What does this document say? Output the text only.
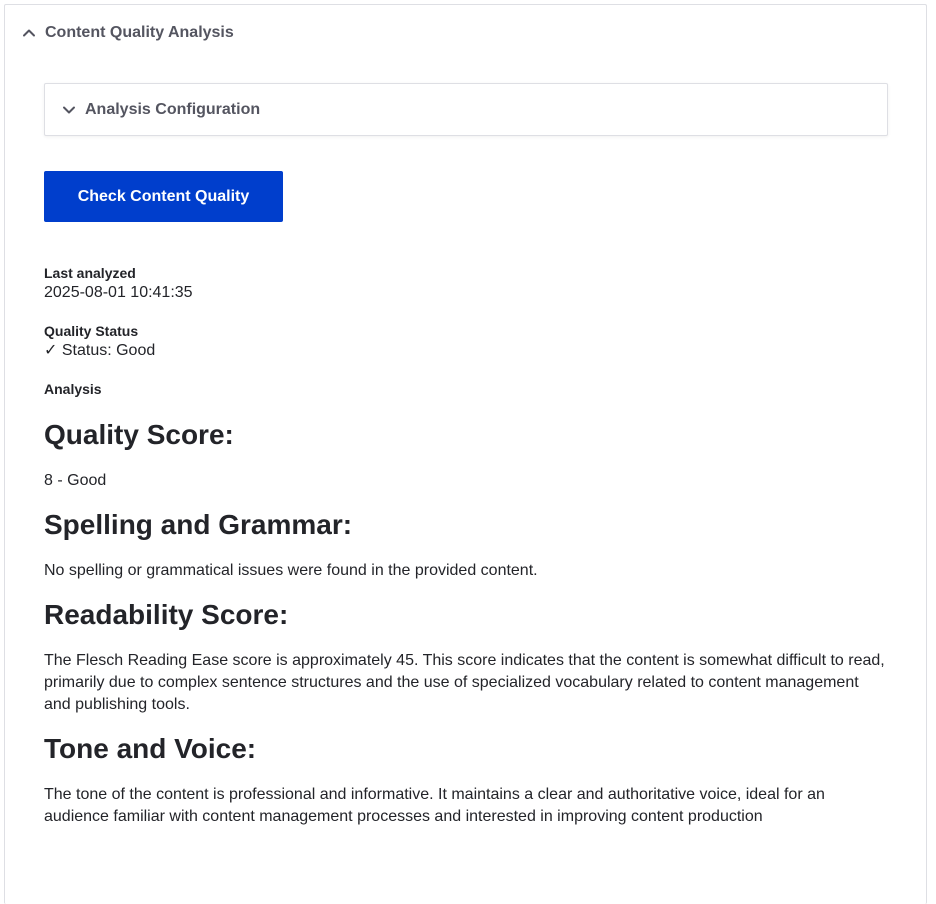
Content Quality Analysis
Analysis Configuration
Check Content Quality
Last analyzed
2025-08-01 10:41:35
Quality Status
✓ Status: Good
Analysis
Quality Score:

8 - Good

Spelling and Grammar:

No spelling or grammatical issues were found in the provided content.

Readability Score:

The Flesch Reading Ease score is approximately 45. This score indicates that the content is somewhat difficult to read, primarily due to complex sentence structures and the use of specialized vocabulary related to content management and publishing tools.

Tone and Voice:

The tone of the content is professional and informative. It maintains a clear and authoritative voice, ideal for an audience familiar with content management processes and interested in improving content production
